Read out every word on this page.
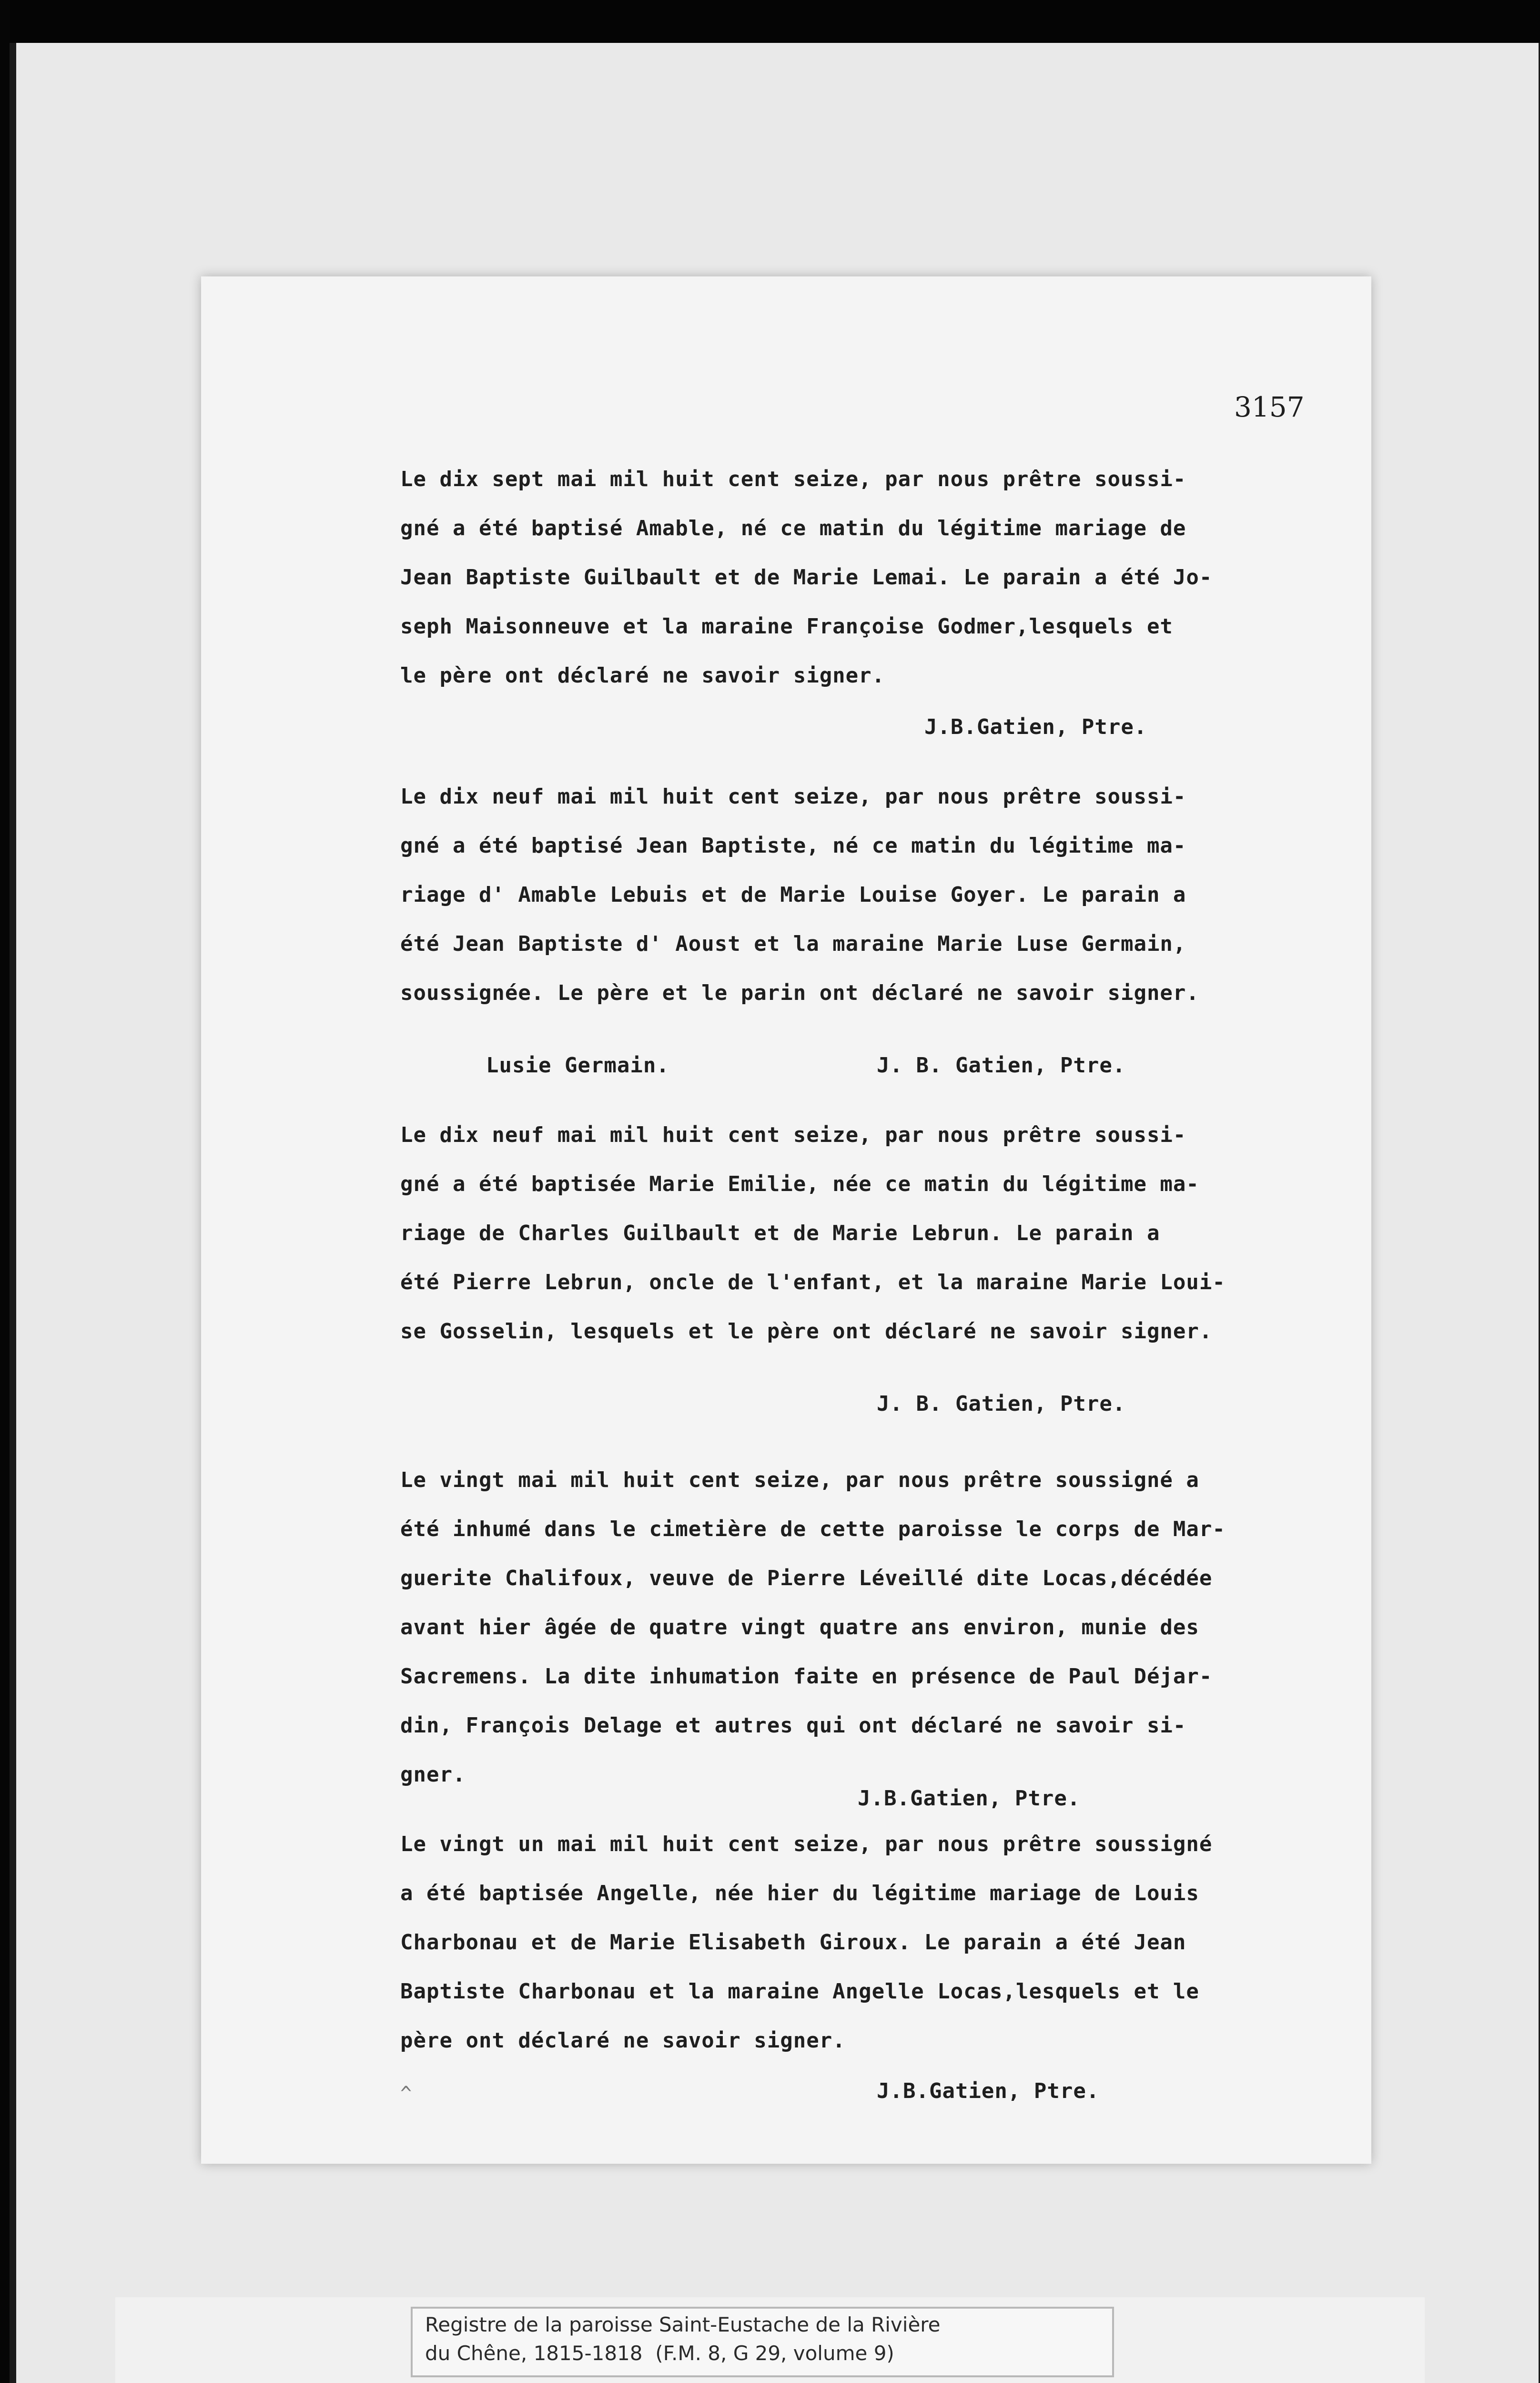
3157

Le dix sept mai mil huit cent seize, par nous prêtre soussi-

gné a été baptisé Amable, né ce matin du légitime mariage de

Jean Baptiste Guilbault et de Marie Lemai. Le parain a été Jo-

seph Maisonneuve et la maraine Françoise Godmer,lesquels et

le père ont déclaré ne savoir signer.

J.B.Gatien, Ptre.

Le dix neuf mai mil huit cent seize, par nous prêtre soussi-

gné a été baptisé Jean Baptiste, né ce matin du légitime ma-

riage d' Amable Lebuis et de Marie Louise Goyer. Le parain a

été Jean Baptiste d' Aoust et la maraine Marie Luse Germain,

soussignée. Le père et le parin ont déclaré ne savoir signer.

Lusie Germain.	J. B. Gatien, Ptre.

Le dix neuf mai mil huit cent seize, par nous prêtre soussi-

gné a été baptisée Marie Emilie, née ce matin du légitime ma-

riage de Charles Guilbault et de Marie Lebrun. Le parain a

été Pierre Lebrun, oncle de l'enfant, et la maraine Marie Loui-

se Gosselin, lesquels et le père ont déclaré ne savoir signer.

J. B. Gatien, Ptre.

Le vingt mai mil huit cent seize, par nous prêtre soussigné a

été inhumé dans le cimetière de cette paroisse le corps de Mar-

guerite Chalifoux, veuve de Pierre Léveillé dite Locas,décédée

avant hier âgée de quatre vingt quatre ans environ, munie des

Sacremens. La dite inhumation faite en présence de Paul Déjar-

din, François Delage et autres qui ont déclaré ne savoir si-

gner.

J.B.Gatien, Ptre.

Le vingt un mai mil huit cent seize, par nous prêtre soussigné

a été baptisée Angelle, née hier du légitime mariage de Louis

Charbonau et de Marie Elisabeth Giroux. Le parain a été Jean

Baptiste Charbonau et la maraine Angelle Locas,lesquels et le

père ont déclaré ne savoir signer.

J.B.Gatien, Ptre.

^

Registre de la paroisse Saint-Eustache de la Rivière

du Chêne, 1815-1818  (F.M. 8, G 29, volume 9)
